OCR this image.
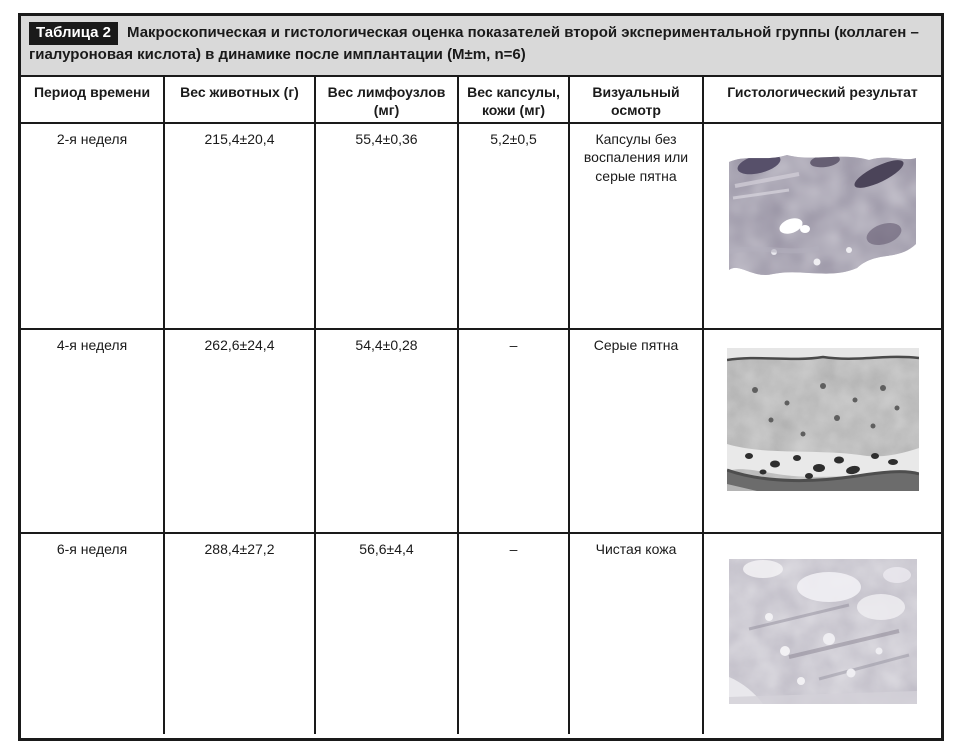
Таблица 2 Макроскопическая и гистологическая оценка показателей второй экспериментальной группы (коллаген – гиалуроновая кислота) в динамике после имплантации (M±m, n=6)
Период времени	Вес животных (г)	Вес лимфоузлов (мг)	Вес капсулы, кожи (мг)	Визуальный осмотр	Гистологический результат
2-я неделя	215,4±20,4	55,4±0,36	5,2±0,5	Капсулы без воспаления или серые пятна	

4-я неделя	262,6±24,4	54,4±0,28	–	Серые пятна	

6-я неделя	288,4±27,2	56,6±4,4	–	Чистая кожа	
